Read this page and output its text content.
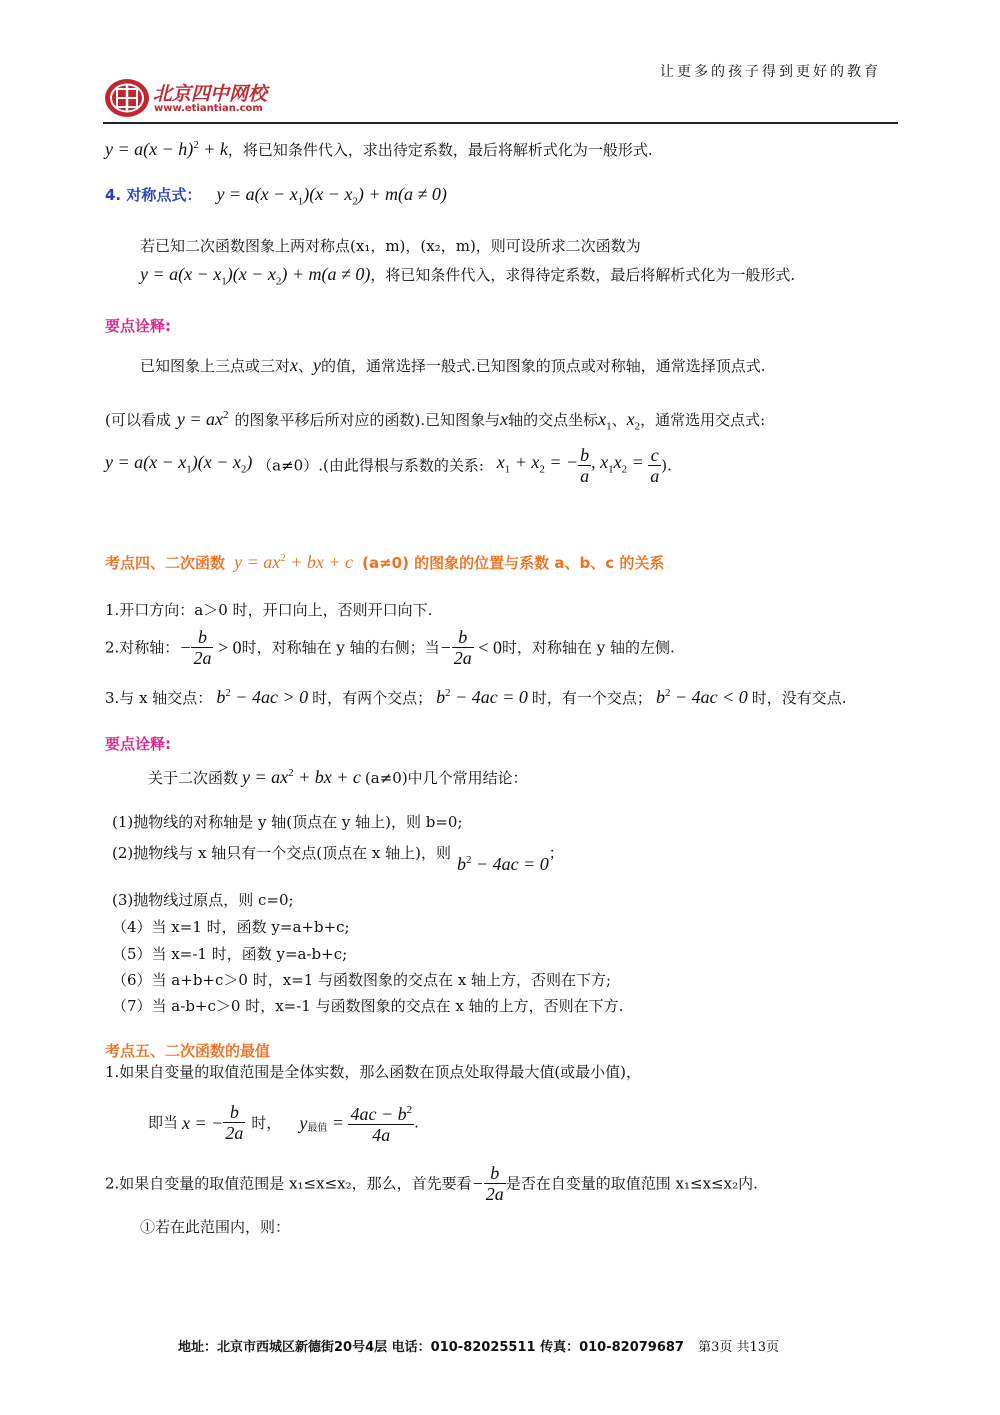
北京四中网校
www.etiantian.com
让更多的孩子得到更好的教育
$y = a(x - h)^2 + k$，将已知条件代入，求出待定系数，最后将解析式化为一般形式.
4. 对称点式： $y = a(x - x_1)(x - x_2) + m(a \ne 0)$
若已知二次函数图象上两对称点(x₁，m)，(x₂，m)，则可设所求二次函数为
$y = a(x - x_1)(x - x_2) + m(a \ne 0)$，将已知条件代入，求得待定系数，最后将解析式化为一般形式.
要点诠释:
已知图象上三点或三对x、y的值，通常选择一般式.已知图象的顶点或对称轴，通常选择顶点式.
(可以看成 $y = ax^2$ 的图象平移后所对应的函数).已知图象与x轴的交点坐标$x_1$、$x_2$，通常选用交点式:
$y = a(x - x_1)(x - x_2)$ （a≠0）.(由此得根与系数的关系: $x_1 + x_2$ = − $\frac{b}{a}$ , $x_1x_2 = \frac{c}{a}$ ).
考点四、二次函数 $y = ax^2$ + bx + c (a≠0) 的图象的位置与系数 a、b、c 的关系
1.开口方向：a＞0 时，开口向上，否则开口向下.
2.对称轴：− $\frac{b}{2a} > 0$时，对称轴在 y 轴的右侧；当− $\frac{b}{2a} < 0$时，对称轴在 y 轴的左侧.
3.与 x 轴交点： $b^2 - 4ac > 0$ 时，有两个交点； $b^2 - 4ac = 0$ 时，有一个交点； $b^2 - 4ac < 0$ 时，没有交点.
要点诠释:
关于二次函数 $y = ax^2$ + bx + c (a≠0)中几个常用结论：
(1)抛物线的对称轴是 y 轴(顶点在 y 轴上)，则 b=0;
(2)抛物线与 x 轴只有一个交点(顶点在 x 轴上)，则$b^2 - 4ac = 0$；
(3)抛物线过原点，则 c=0;
（4）当 x=1 时，函数 y=a+b+c;
（5）当 x=-1 时，函数 y=a-b+c;
（6）当 a+b+c＞0 时，x=1 与函数图象的交点在 x 轴上方，否则在下方;
（7）当 a-b+c＞0 时，x=-1 与函数图象的交点在 x 轴的上方，否则在下方.
考点五、二次函数的最值
1.如果自变量的取值范围是全体实数，那么函数在顶点处取得最大值(或最小值)，
即当 x = − $\frac{b}{2a}$ 时， $y_{最值} = \frac{4ac - b^2}{4a}$ .
2.如果自变量的取值范围是 x₁≤x≤x₂，那么，首先要看− $\frac{b}{2a}$ 是否在自变量的取值范围 x₁≤x≤x₂内.
①若在此范围内，则：
地址：北京市西城区新德街20号4层 电话：010-82025511 传真：010-82079687 第3页 共13页
